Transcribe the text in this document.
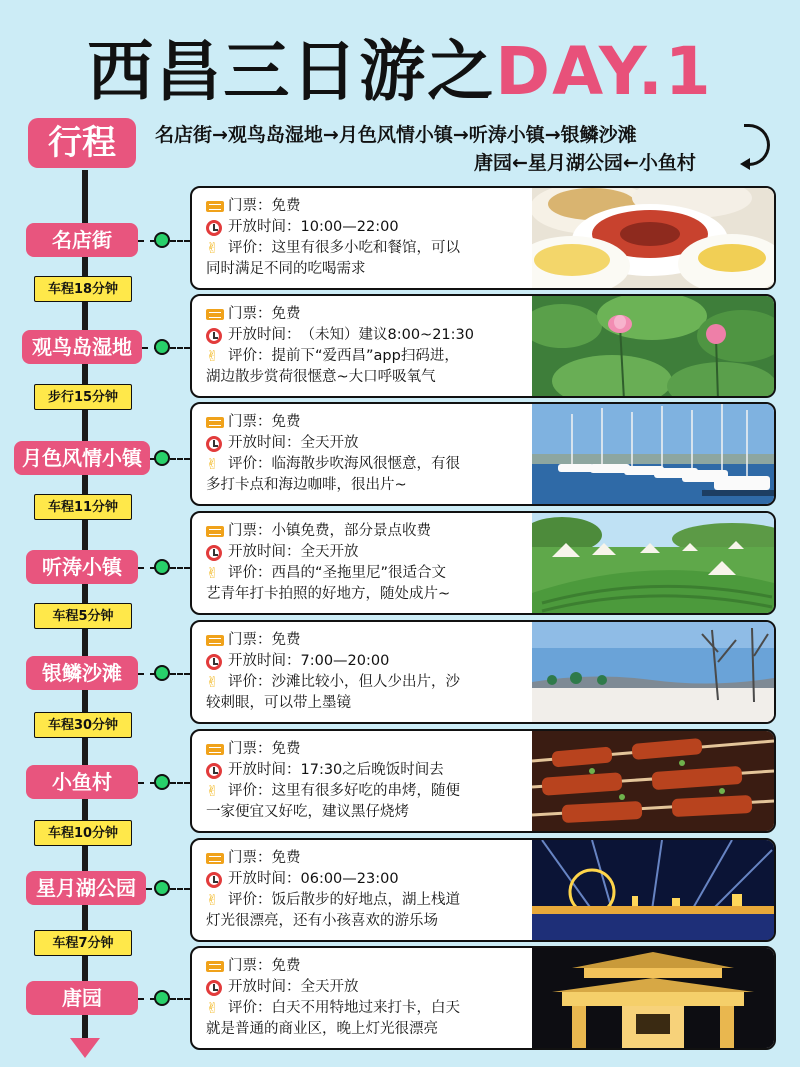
西昌三日游之DAY.1
行程	名店街→观鸟岛湿地→月色风情小镇→听涛小镇→银鳞沙滩
唐园←星月湖公园←小鱼村
名店街
门票： 免费
开放时间： 10:00—22:00
✌ 评价： 这里有很多小吃和餐馆，可以
同时满足不同的吃喝需求
观鸟岛湿地
门票： 免费
开放时间： （未知）建议8:00~21:30
✌ 评价： 提前下“爱西昌”app扫码进，
湖边散步赏荷很惬意~大口呼吸氧气
月色风情小镇
门票： 免费
开放时间： 全天开放
✌ 评价： 临海散步吹海风很惬意，有很
多打卡点和海边咖啡，很出片~
听涛小镇
门票： 小镇免费，部分景点收费
开放时间： 全天开放
✌ 评价： 西昌的“圣拖里尼”很适合文
艺青年打卡拍照的好地方，随处成片~
银鳞沙滩
门票： 免费
开放时间： 7:00—20:00
✌ 评价： 沙滩比较小，但人少出片，沙
较刺眼，可以带上墨镜
小鱼村
门票： 免费
开放时间： 17:30之后晚饭时间去
✌ 评价： 这里有很多好吃的串烤，随便
一家便宜又好吃，建议黑仔烧烤
星月湖公园
门票： 免费
开放时间： 06:00—23:00
✌ 评价： 饭后散步的好地点，湖上栈道
灯光很漂亮，还有小孩喜欢的游乐场
唐园
门票： 免费
开放时间： 全天开放
✌ 评价： 白天不用特地过来打卡，白天
就是普通的商业区，晚上灯光很漂亮
车程18分钟
步行15分钟
车程11分钟
车程5分钟
车程30分钟
车程10分钟
车程7分钟
